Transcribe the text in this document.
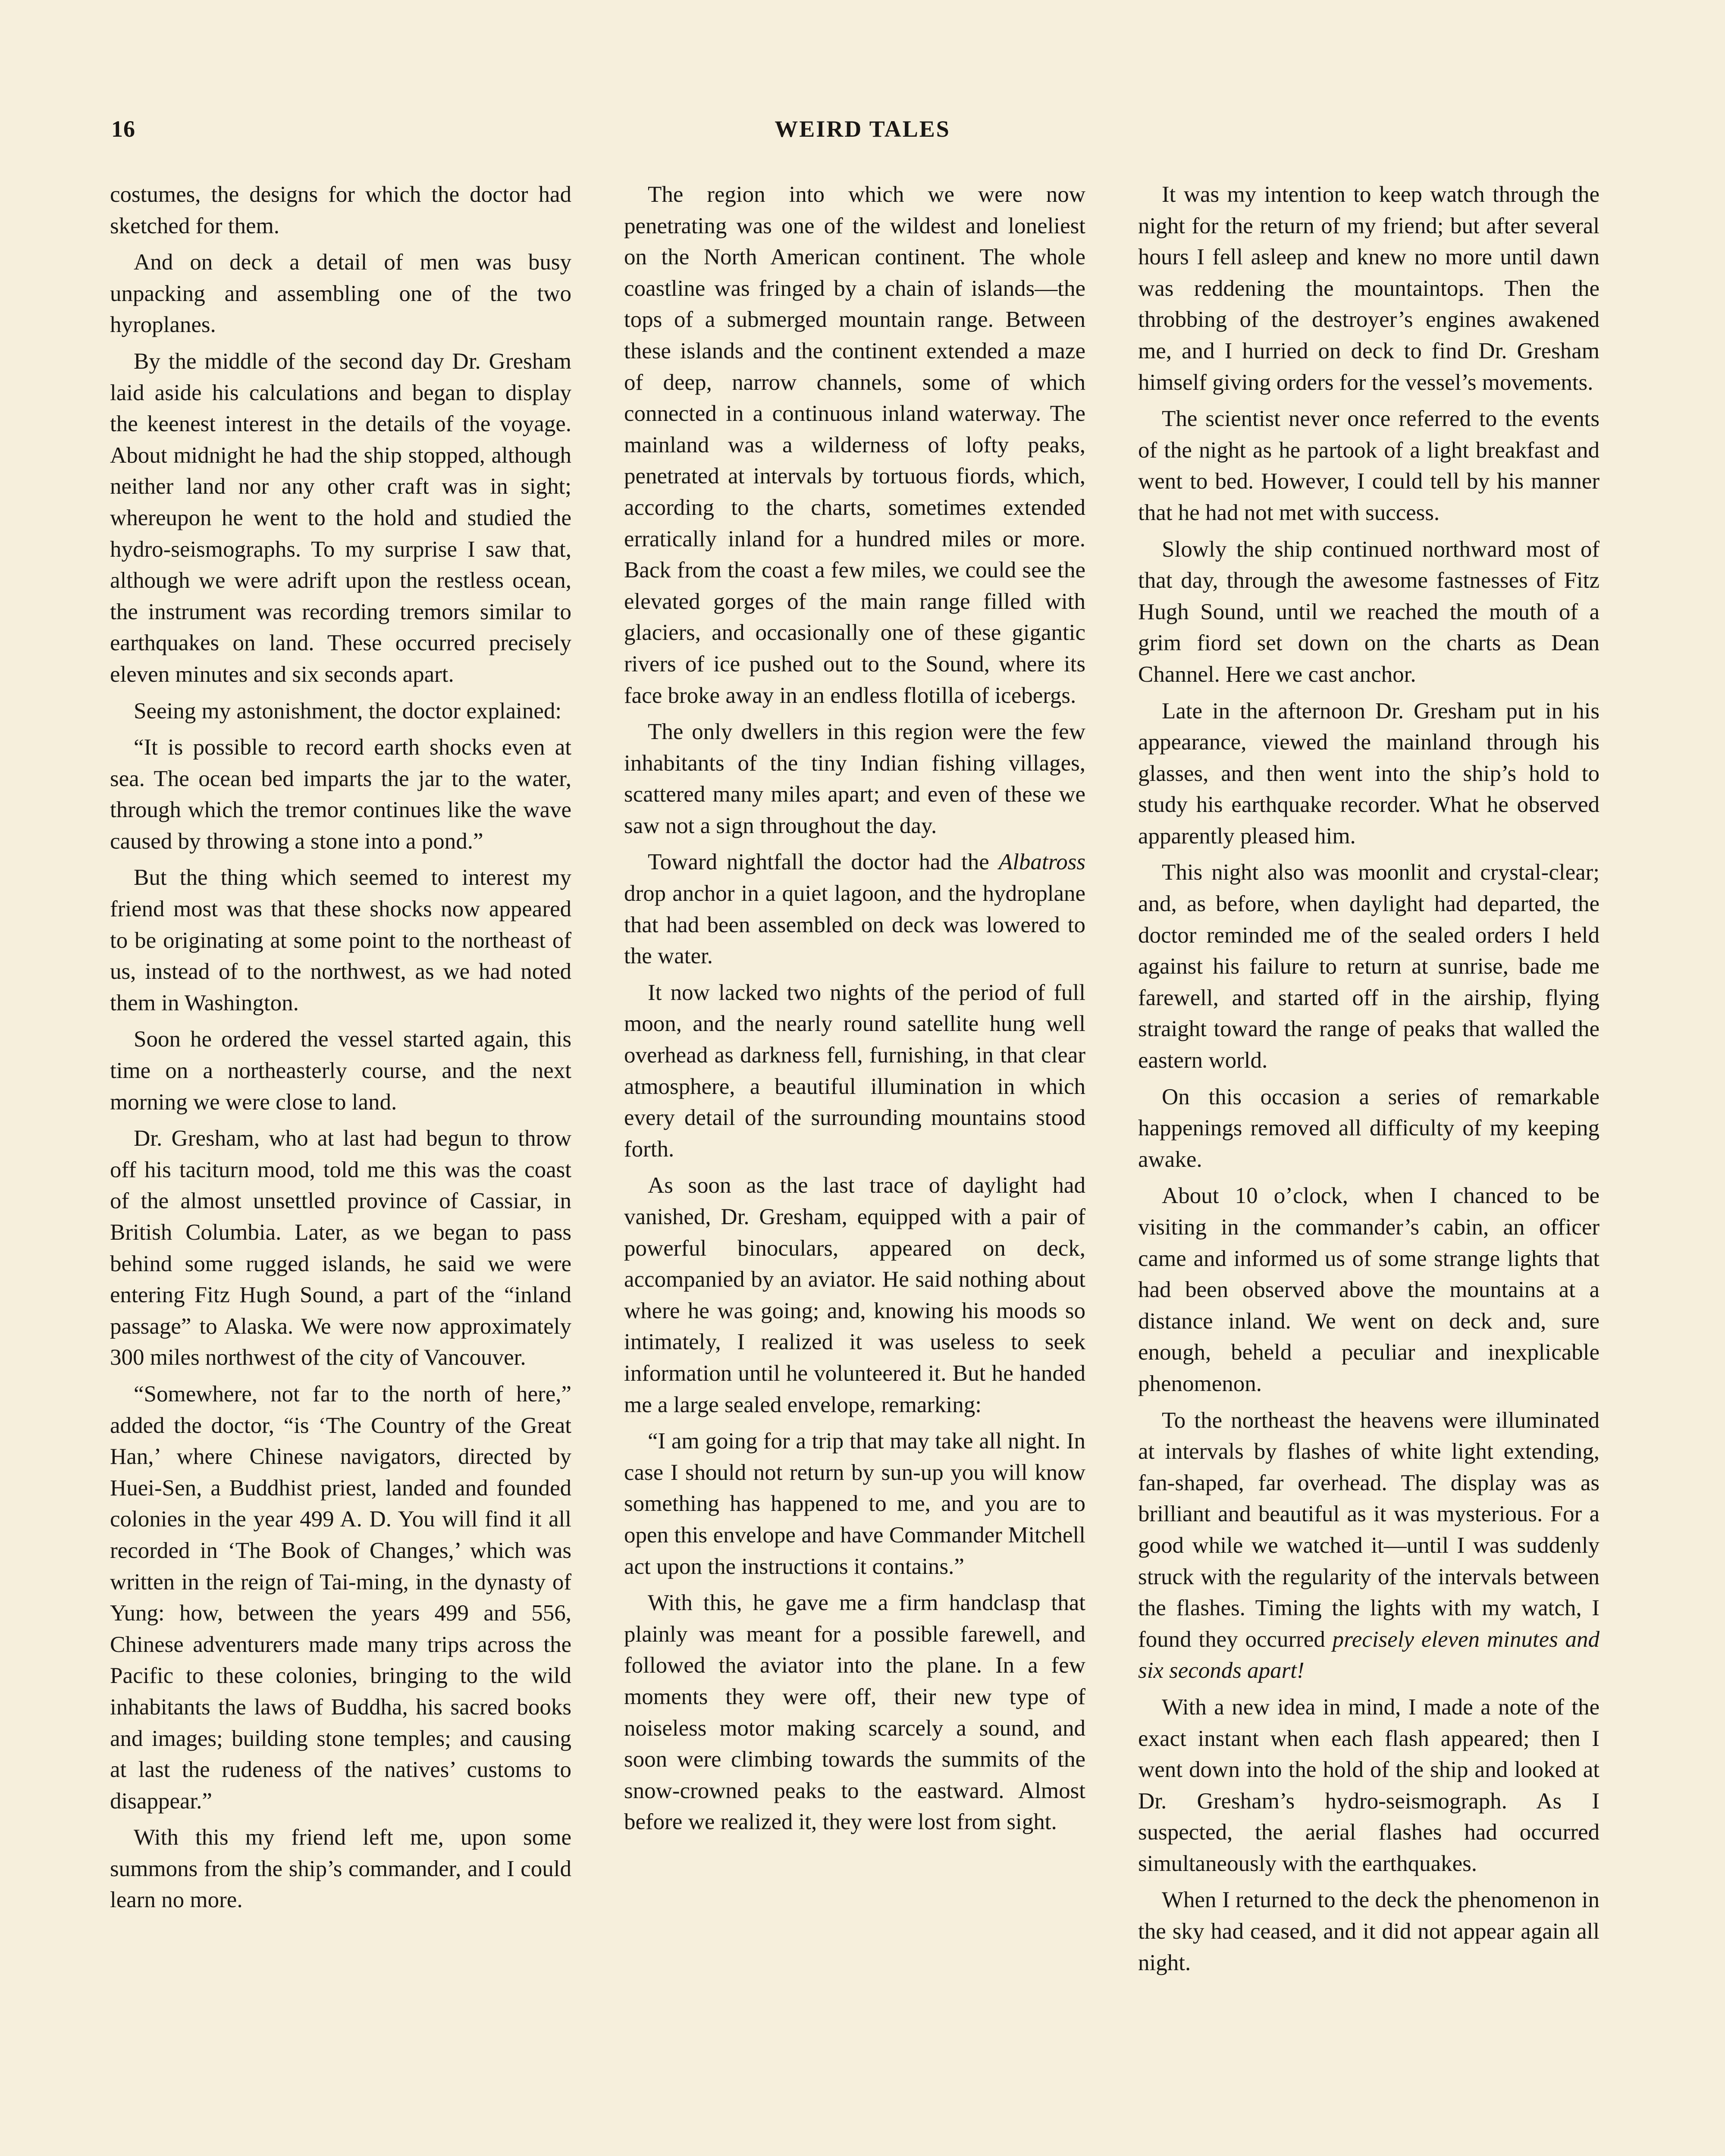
16	WEIRD TALES

costumes, the designs for which the doctor had sketched for them.

And on deck a detail of men was busy unpacking and assembling one of the two hyroplanes.

By the middle of the second day Dr. Gresham laid aside his calculations and began to display the keenest interest in the details of the voyage. About midnight he had the ship stopped, although neither land nor any other craft was in sight; whereupon he went to the hold and studied the hydro-seismographs. To my surprise I saw that, although we were adrift upon the restless ocean, the instrument was recording tremors similar to earthquakes on land. These occurred precisely eleven minutes and six seconds apart.

Seeing my astonishment, the doctor explained:

“It is possible to record earth shocks even at sea. The ocean bed imparts the jar to the water, through which the tremor continues like the wave caused by throwing a stone into a pond.”

But the thing which seemed to interest my friend most was that these shocks now appeared to be originating at some point to the northeast of us, instead of to the northwest, as we had noted them in Washington.

Soon he ordered the vessel started again, this time on a northeasterly course, and the next morning we were close to land.

Dr. Gresham, who at last had begun to throw off his taciturn mood, told me this was the coast of the almost unsettled province of Cassiar, in British Columbia. Later, as we began to pass behind some rugged islands, he said we were entering Fitz Hugh Sound, a part of the “inland passage” to Alaska. We were now approximately 300 miles northwest of the city of Vancouver.

“Somewhere, not far to the north of here,” added the doctor, “is ‘The Country of the Great Han,’ where Chinese navigators, directed by Huei-Sen, a Buddhist priest, landed and founded colonies in the year 499 A. D. You will find it all recorded in ‘The Book of Changes,’ which was written in the reign of Tai-ming, in the dynasty of Yung: how, between the years 499 and 556, Chinese adventurers made many trips across the Pacific to these colonies, bringing to the wild inhabitants the laws of Buddha, his sacred books and images; building stone temples; and causing at last the rudeness of the natives’ customs to disappear.”

With this my friend left me, upon some summons from the ship’s commander, and I could learn no more.

The region into which we were now penetrating was one of the wildest and loneliest on the North American continent. The whole coastline was fringed by a chain of islands—the tops of a submerged mountain range. Between these islands and the continent extended a maze of deep, narrow channels, some of which connected in a continuous inland waterway. The mainland was a wilderness of lofty peaks, penetrated at intervals by tortuous fiords, which, according to the charts, sometimes extended erratically inland for a hundred miles or more. Back from the coast a few miles, we could see the elevated gorges of the main range filled with glaciers, and occasionally one of these gigantic rivers of ice pushed out to the Sound, where its face broke away in an endless flotilla of icebergs.

The only dwellers in this region were the few inhabitants of the tiny Indian fishing villages, scattered many miles apart; and even of these we saw not a sign throughout the day.

Toward nightfall the doctor had the Albatross drop anchor in a quiet lagoon, and the hydroplane that had been assembled on deck was lowered to the water.

It now lacked two nights of the period of full moon, and the nearly round satellite hung well overhead as darkness fell, furnishing, in that clear atmosphere, a beautiful illumination in which every detail of the surrounding mountains stood forth.

As soon as the last trace of daylight had vanished, Dr. Gresham, equipped with a pair of powerful binoculars, appeared on deck, accompanied by an aviator. He said nothing about where he was going; and, knowing his moods so intimately, I realized it was useless to seek information until he volunteered it. But he handed me a large sealed envelope, remarking:

“I am going for a trip that may take all night. In case I should not return by sun-up you will know something has happened to me, and you are to open this envelope and have Commander Mitchell act upon the instructions it contains.”

With this, he gave me a firm handclasp that plainly was meant for a possible farewell, and followed the aviator into the plane. In a few moments they were off, their new type of noiseless motor making scarcely a sound, and soon were climbing towards the summits of the snow-crowned peaks to the eastward. Almost before we realized it, they were lost from sight.

It was my intention to keep watch through the night for the return of my friend; but after several hours I fell asleep and knew no more until dawn was reddening the mountaintops. Then the throbbing of the destroyer’s engines awakened me, and I hurried on deck to find Dr. Gresham himself giving orders for the vessel’s movements.

The scientist never once referred to the events of the night as he partook of a light breakfast and went to bed. However, I could tell by his manner that he had not met with success.

Slowly the ship continued northward most of that day, through the awesome fastnesses of Fitz Hugh Sound, until we reached the mouth of a grim fiord set down on the charts as Dean Channel. Here we cast anchor.

Late in the afternoon Dr. Gresham put in his appearance, viewed the mainland through his glasses, and then went into the ship’s hold to study his earthquake recorder. What he observed apparently pleased him.

This night also was moonlit and crystal-clear; and, as before, when daylight had departed, the doctor reminded me of the sealed orders I held against his failure to return at sunrise, bade me farewell, and started off in the airship, flying straight toward the range of peaks that walled the eastern world.

On this occasion a series of remarkable happenings removed all difficulty of my keeping awake.

About 10 o’clock, when I chanced to be visiting in the commander’s cabin, an officer came and informed us of some strange lights that had been observed above the mountains at a distance inland. We went on deck and, sure enough, beheld a peculiar and inexplicable phenomenon.

To the northeast the heavens were illuminated at intervals by flashes of white light extending, fan-shaped, far overhead. The display was as brilliant and beautiful as it was mysterious. For a good while we watched it—until I was suddenly struck with the regularity of the intervals between the flashes. Timing the lights with my watch, I found they occurred precisely eleven minutes and six seconds apart!

With a new idea in mind, I made a note of the exact instant when each flash appeared; then I went down into the hold of the ship and looked at Dr. Gresham’s hydro-seismograph. As I suspected, the aerial flashes had occurred simultaneously with the earthquakes.

When I returned to the deck the phenomenon in the sky had ceased, and it did not appear again all night.
